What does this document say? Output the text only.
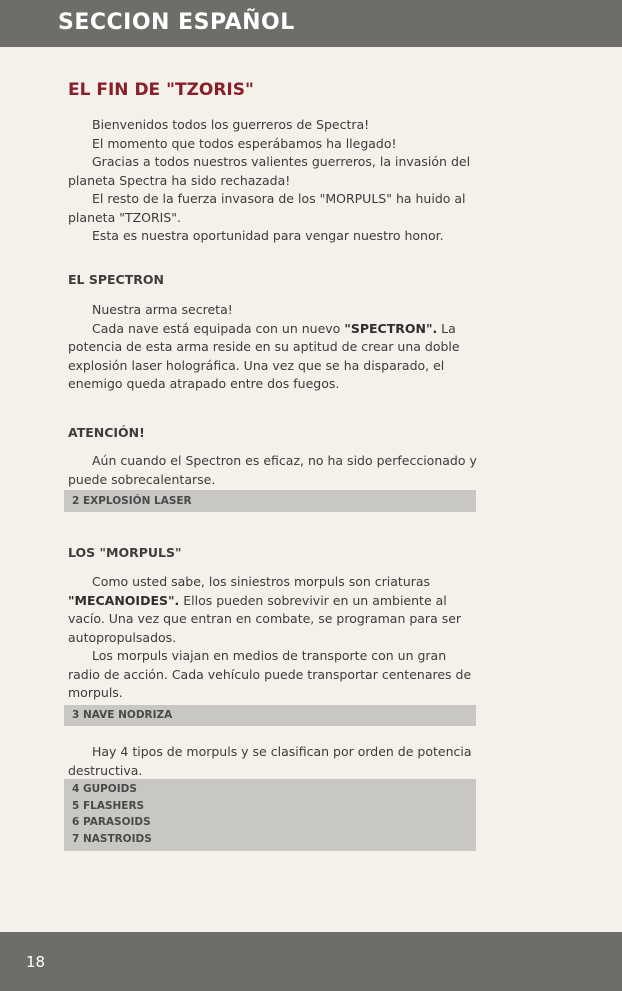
SECCION ESPAÑOL
EL FIN DE "TZORIS"

Bienvenidos todos los guerreros de Spectra!

El momento que todos esperábamos ha llegado!

Gracias a todos nuestros valientes guerreros, la invasión del planeta Spectra ha sido rechazada!

El resto de la fuerza invasora de los "MORPULS" ha huido al planeta "TZORIS".

Esta es nuestra oportunidad para vengar nuestro honor.

EL SPECTRON

Nuestra arma secreta!

Cada nave está equipada con un nuevo "SPECTRON". La potencia de esta arma reside en su aptitud de crear una doble explosión laser holográfica. Una vez que se ha disparado, el enemigo queda atrapado entre dos fuegos.

ATENCIÓN!

Aún cuando el Spectron es eficaz, no ha sido perfeccionado y puede sobrecalentarse.

2 EXPLOSIÓN LASER
LOS "MORPULS"

Como usted sabe, los siniestros morpuls son criaturas "MECANOIDES". Ellos pueden sobrevivir en un ambiente al vacío. Una vez que entran en combate, se programan para ser autopropulsados.

Los morpuls viajan en medios de transporte con un gran radio de acción. Cada vehículo puede transportar centenares de morpuls.

3 NAVE NODRIZA

Hay 4 tipos de morpuls y se clasifican por orden de potencia destructiva.

4 GUPOIDS
5 FLASHERS
6 PARASOIDS
7 NASTROIDS
18
